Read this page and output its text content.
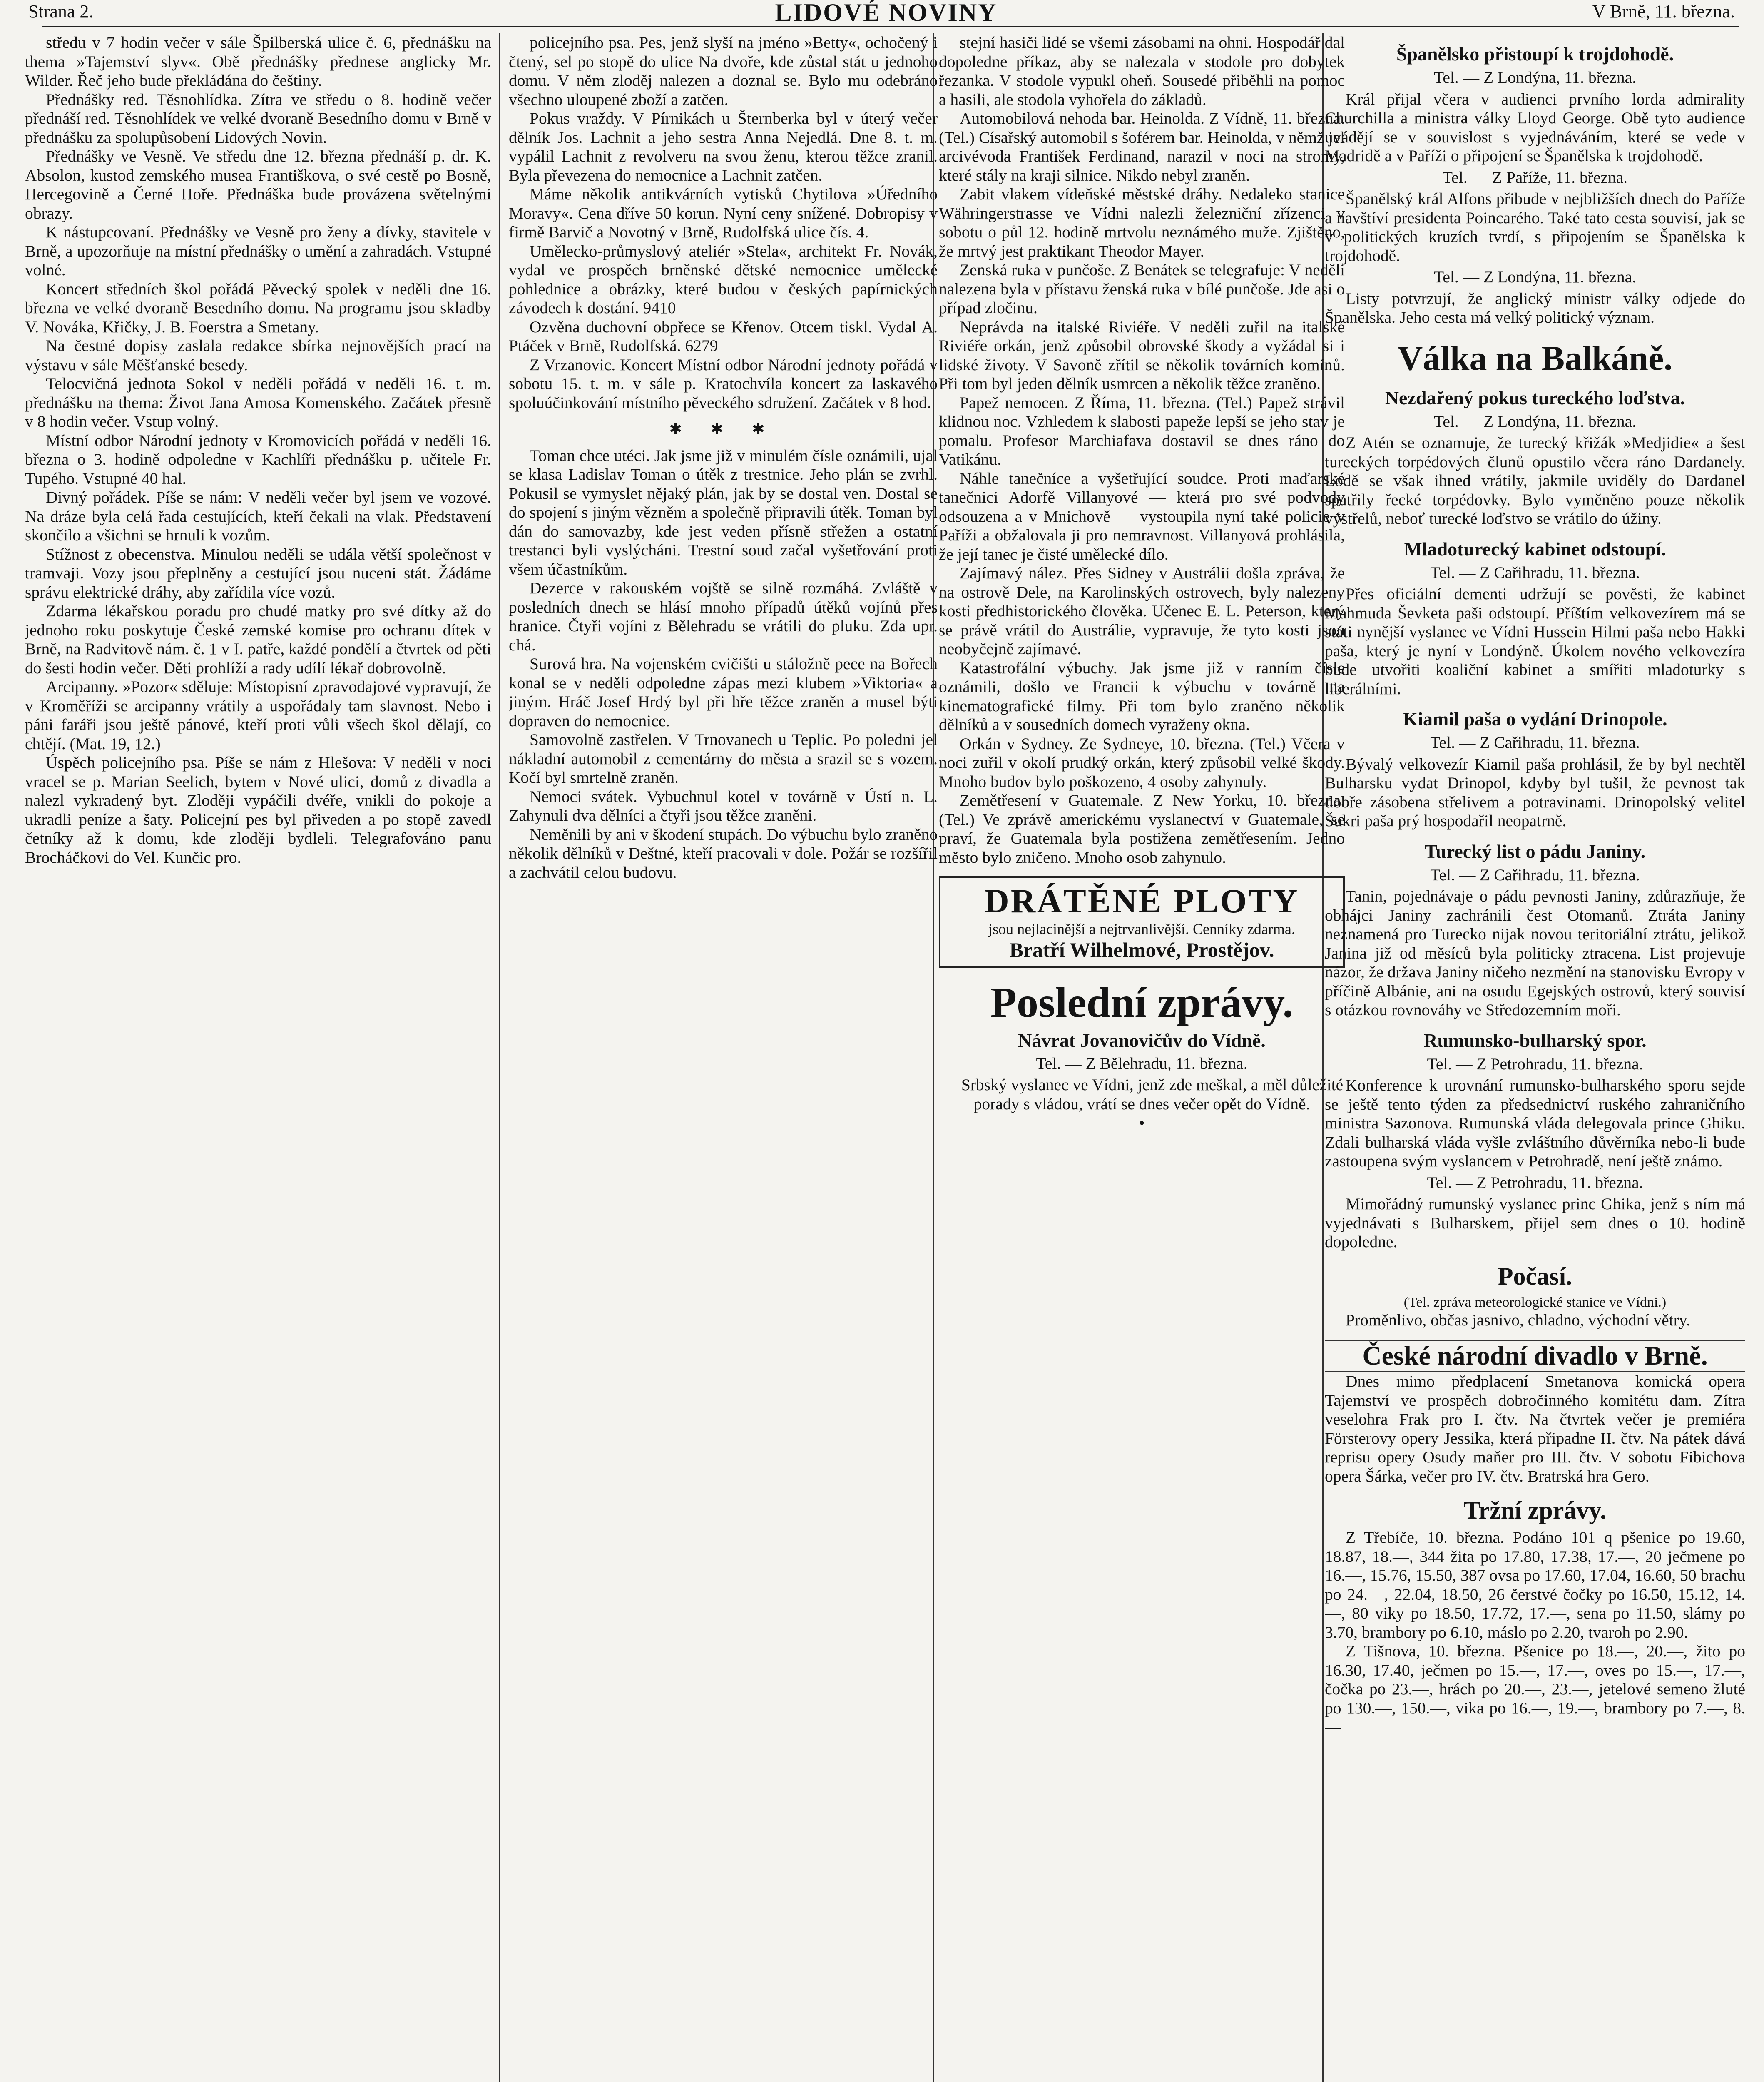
Strana 2.	LIDOVÉ NOVINY	V Brně, 11. března.

středu v 7 hodin večer v sále Špilberská ulice č. 6, přednášku na thema »Tajemství slyv«. Obě přednášky přednese anglicky Mr. Wilder. Řeč jeho bude překládána do češtiny.

Přednášky red. Těsnohlídka. Zítra ve středu o 8. hodině večer přednáší red. Těsnohlídek ve velké dvoraně Besedního domu v Brně v přednášku za spolupůsobení Lidových Novin.

Přednášky ve Vesně. Ve středu dne 12. března přednáší p. dr. K. Absolon, kustod zemského musea Františkova, o své cestě po Bosně, Hercegovině a Černé Hoře. Přednáška bude provázena světelnými obrazy.

K nástupcovaní. Přednášky ve Vesně pro ženy a dívky, stavitele v Brně, a upozorňuje na místní přednášky o umění a zahradách. Vstupné volné.

Koncert středních škol pořádá Pěvecký spolek v neděli dne 16. března ve velké dvoraně Besedního domu. Na programu jsou skladby V. Nováka, Křičky, J. B. Foerstra a Smetany.

Na čestné dopisy zaslala redakce sbírka nejnovějších prací na výstavu v sále Měšťanské besedy.

Telocvičná jednota Sokol v neděli pořádá v neděli 16. t. m. přednášku na thema: Život Jana Amosa Komenského. Začátek přesně v 8 hodin večer. Vstup volný.

Místní odbor Národní jednoty v Kromovicích pořádá v neděli 16. března o 3. hodině odpoledne v Kachlíři přednášku p. učitele Fr. Tupého. Vstupné 40 hal.

Divný pořádek. Píše se nám: V neděli večer byl jsem ve vozové. Na dráze byla celá řada cestujících, kteří čekali na vlak. Představení skončilo a všichni se hrnuli k vozům.

Stížnost z obecenstva. Minulou neděli se udála větší společnost v tramvaji. Vozy jsou přeplněny a cestující jsou nuceni stát. Žádáme správu elektrické dráhy, aby zařídila více vozů.

Zdarma lékařskou poradu pro chudé matky pro své dítky až do jednoho roku poskytuje České zemské komise pro ochranu dítek v Brně, na Radvitově nám. č. 1 v I. patře, každé pondělí a čtvrtek od pěti do šesti hodin večer. Děti prohlíží a rady udílí lékař dobrovolně.

Arcipanny. »Pozor« sděluje: Místopisní zpravodajové vypravují, že v Kroměříži se arcipanny vrátily a uspořádaly tam slavnost. Nebo i páni faráři jsou ještě pánové, kteří proti vůli všech škol dělají, co chtějí. (Mat. 19, 12.)

Úspěch policejního psa. Píše se nám z Hlešova: V neděli v noci vracel se p. Marian Seelich, bytem v Nové ulici, domů z divadla a nalezl vykradený byt. Zloději vypáčili dvéře, vnikli do pokoje a ukradli peníze a šaty. Policejní pes byl přiveden a po stopě zavedl četníky až k domu, kde zloději bydleli. Telegrafováno panu Brocháčkovi do Vel. Kunčic pro.

policejního psa. Pes, jenž slyší na jméno »Betty«, ochočený i čtený, sel po stopě do ulice Na dvoře, kde zůstal stát u jednoho domu. V něm zloděj nalezen a doznal se. Bylo mu odebráno všechno uloupené zboží a zatčen.

Pokus vraždy. V Pírnikách u Šternberka byl v úterý večer dělník Jos. Lachnit a jeho sestra Anna Nejedlá. Dne 8. t. m. vypálil Lachnit z revolveru na svou ženu, kterou těžce zranil. Byla převezena do nemocnice a Lachnit zatčen.

Máme několik antikvárních vytisků Chytilova »Úředního Moravy«. Cena dříve 50 korun. Nyní ceny snížené. Dobropisy v firmě Barvič a Novotný v Brně, Rudolfská ulice čís. 4.

Umělecko-průmyslový ateliér »Stela«, architekt Fr. Novák, vydal ve prospěch brněnské dětské nemocnice umělecké pohlednice a obrázky, které budou v českých papírnických závodech k dostání. 9410

Ozvěna duchovní obpřece se Křenov. Otcem tiskl. Vydal A. Ptáček v Brně, Rudolfská. 6279

Z Vrzanovic. Koncert Místní odbor Národní jednoty pořádá v sobotu 15. t. m. v sále p. Kratochvíla koncert za laskavého spoluúčinkování místního pěveckého sdružení. Začátek v 8 hod.

✱ ✱ ✱

Toman chce utéci. Jak jsme již v minulém čísle oznámili, ujal se klasa Ladislav Toman o útěk z trestnice. Jeho plán se zvrhl. Pokusil se vymyslet nějaký plán, jak by se dostal ven. Dostal se do spojení s jiným vězněm a společně připravili útěk. Toman byl dán do samovazby, kde jest veden přísně střežen a ostatní trestanci byli vyslýcháni. Trestní soud začal vyšetřování proti všem účastníkům.

Dezerce v rakouském vojště se silně rozmáhá. Zvláště v posledních dnech se hlásí mnoho případů útěků vojínů přes hranice. Čtyři vojíni z Bělehradu se vrátili do pluku. Zda upr. chá.

Surová hra. Na vojenském cvičišti u stáložně pece na Bořech konal se v neděli odpoledne zápas mezi klubem »Viktoria« a jiným. Hráč Josef Hrdý byl při hře těžce zraněn a musel býti dopraven do nemocnice.

Samovolně zastřelen. V Trnovanech u Teplic. Po poledni jel nákladní automobil z cementárny do města a srazil se s vozem. Kočí byl smrtelně zraněn.

Nemoci svátek. Vybuchnul kotel v továrně v Ústí n. L. Zahynuli dva dělníci a čtyři jsou těžce zraněni.

Neměnili by ani v škodení stupách. Do výbuchu bylo zraněno několik dělníků v Deštné, kteří pracovali v dole. Požár se rozšířil a zachvátil celou budovu.

stejní hasiči lidé se všemi zásobami na ohni. Hospodář dal dopoledne příkaz, aby se nalezala v stodole pro dobytek řezanka. V stodole vypukl oheň. Sousedé přiběhli na pomoc a hasili, ale stodola vyhořela do základů.

Automobilová nehoda bar. Heinolda. Z Vídně, 11. března. (Tel.) Císařský automobil s šoférem bar. Heinolda, v němž jel arcivévoda František Ferdinand, narazil v noci na stromy, které stály na kraji silnice. Nikdo nebyl zraněn.

Zabit vlakem vídeňské městské dráhy. Nedaleko stanice Währingerstrasse ve Vídni nalezli železniční zřízenci v sobotu o půl 12. hodině mrtvolu neznámého muže. Zjištěno, že mrtvý jest praktikant Theodor Mayer.

Zenská ruka v punčoše. Z Benátek se telegrafuje: V neděli nalezena byla v přístavu ženská ruka v bílé punčoše. Jde asi o případ zločinu.

Neprávda na italské Riviéře. V neděli zuřil na italské Riviéře orkán, jenž způsobil obrovské škody a vyžádal si i lidské životy. V Savoně zřítil se několik továrních komínů. Při tom byl jeden dělník usmrcen a několik těžce zraněno.

Papež nemocen. Z Říma, 11. března. (Tel.) Papež strávil klidnou noc. Vzhledem k slabosti papeže lepší se jeho stav je pomalu. Profesor Marchiafava dostavil se dnes ráno do Vatikánu.

Náhle tanečníce a vyšetřující soudce. Proti maďarské tanečnici Adorfě Villanyové — která pro své podvody odsouzena a v Mnichově — vystoupila nyní také policie v Paříži a obžalovala ji pro nemravnost. Villanyová prohlásila, že její tanec je čisté umělecké dílo.

Zajímavý nález. Přes Sidney v Austrálii došla zpráva, že na ostrově Dele, na Karolinských ostrovech, byly nalezeny kosti předhistorického člověka. Učenec E. L. Peterson, který se právě vrátil do Austrálie, vypravuje, že tyto kosti jsou neobyčejně zajímavé.

Katastrofální výbuchy. Jak jsme již v ranním čísle oznámili, došlo ve Francii k výbuchu v továrně na kinematografické filmy. Při tom bylo zraněno několik dělníků a v sousedních domech vyraženy okna.

Orkán v Sydney. Ze Sydneye, 10. března. (Tel.) Včera v noci zuřil v okolí prudký orkán, který způsobil velké škody. Mnoho budov bylo poškozeno, 4 osoby zahynuly.

Zemětřesení v Guatemale. Z New Yorku, 10. března. (Tel.) Ve zprávě americkému vyslanectví v Guatemale, se praví, že Guatemala byla postižena zemětřesením. Jedno město bylo zničeno. Mnoho osob zahynulo.

DRÁTĚNÉ PLOTY
jsou nejlacinější a nejtrvanlivější. Cenníky zdarma.
Bratří Wilhelmové, Prostějov.
Poslední zprávy.
Návrat Jovanovičův do Vídně.
Tel. — Z Bělehradu, 11. března.

Srbský vyslanec ve Vídni, jenž zde meškal, a měl důležité porady s vládou, vrátí se dnes večer opět do Vídně.

•
Španělsko přistoupí k trojdohodě.
Tel. — Z Londýna, 11. března.

Král přijal včera v audienci prvního lorda admirality Churchilla a ministra války Lloyd George. Obě tyto audience uvádějí se v souvislost s vyjednáváním, které se vede v Madridě a v Paříži o připojení se Španělska k trojdohodě.

Tel. — Z Paříže, 11. března.

Španělský král Alfons přibude v nejbližších dnech do Paříže a navštíví presidenta Poincarého. Také tato cesta souvisí, jak se v politických kruzích tvrdí, s připojením se Španělska k trojdohodě.

Tel. — Z Londýna, 11. března.

Listy potvrzují, že anglický ministr války odjede do Španělska. Jeho cesta má velký politický význam.

Válka na Balkáně.
Nezdařený pokus tureckého loďstva.
Tel. — Z Londýna, 11. března.

Z Atén se oznamuje, že turecký křižák »Medjidie« a šest tureckých torpédových člunů opustilo včera ráno Dardanely. Lodě se však ihned vrátily, jakmile uviděly do Dardanel spatřily řecké torpédovky. Bylo vyměněno pouze několik výstřelů, neboť turecké loďstvo se vrátilo do úžiny.

Mladoturecký kabinet odstoupí.
Tel. — Z Cařihradu, 11. března.

Přes oficiální dementi udržují se pověsti, že kabinet Mahmuda Ševketa paši odstoupí. Příštím velkovezírem má se státi nynější vyslanec ve Vídni Hussein Hilmi paša nebo Hakki paša, který je nyní v Londýně. Úkolem nového velkovezíra bude utvořiti koaliční kabinet a smířiti mladoturky s liberálními.

Kiamil paša o vydání Drinopole.
Tel. — Z Cařihradu, 11. března.

Bývalý velkovezír Kiamil paša prohlásil, že by byl nechtěl Bulharsku vydat Drinopol, kdyby byl tušil, že pevnost tak dobře zásobena střelivem a potravinami. Drinopolský velitel Šukri paša prý hospodařil neopatrně.

Turecký list o pádu Janiny.
Tel. — Z Cařihradu, 11. března.

Tanin, pojednávaje o pádu pevnosti Janiny, zdůrazňuje, že obhájci Janiny zachránili čest Otomanů. Ztráta Janiny neznamená pro Turecko nijak novou teritoriální ztrátu, jelikož Janina již od měsíců byla politicky ztracena. List projevuje názor, že država Janiny ničeho nezmění na stanovisku Evropy v příčině Albánie, ani na osudu Egejských ostrovů, který souvisí s otázkou rovnováhy ve Středozemním moři.

Rumunsko-bulharský spor.
Tel. — Z Petrohradu, 11. března.

Konference k urovnání rumunsko-bulharského sporu sejde se ještě tento týden za předsednictví ruského zahraničního ministra Sazonova. Rumunská vláda delegovala prince Ghiku. Zdali bulharská vláda vyšle zvláštního důvěrníka nebo-li bude zastoupena svým vyslancem v Petrohradě, není ještě známo.

Tel. — Z Petrohradu, 11. března.

Mimořádný rumunský vyslanec princ Ghika, jenž s ním má vyjednávati s Bulharskem, přijel sem dnes o 10. hodině dopoledne.

Počasí.
(Tel. zpráva meteorologické stanice ve Vídni.)

Proměnlivo, občas jasnivo, chladno, východní větry.

České národní divadlo v Brně.

Dnes mimo předplacení Smetanova komická opera Tajemství ve prospěch dobročinného komitétu dam. Zítra veselohra Frak pro I. čtv. Na čtvrtek večer je premiéra Försterovy opery Jessika, která připadne II. čtv. Na pátek dává reprisu opery Osudy maňer pro III. čtv. V sobotu Fibichova opera Šárka, večer pro IV. čtv. Bratrská hra Gero.

Tržní zprávy.

Z Třebíče, 10. března. Podáno 101 q pšenice po 19.60, 18.87, 18.—, 344 žita po 17.80, 17.38, 17.—, 20 ječmene po 16.—, 15.76, 15.50, 387 ovsa po 17.60, 17.04, 16.60, 50 brachu po 24.—, 22.04, 18.50, 26 čerstvé čočky po 16.50, 15.12, 14.—, 80 viky po 18.50, 17.72, 17.—, sena po 11.50, slámy po 3.70, brambory po 6.10, máslo po 2.20, tvaroh po 2.90.

Z Tišnova, 10. března. Pšenice po 18.—, 20.—, žito po 16.30, 17.40, ječmen po 15.—, 17.—, oves po 15.—, 17.—, čočka po 23.—, hrách po 20.—, 23.—, jetelové semeno žluté po 130.—, 150.—, vika po 16.—, 19.—, brambory po 7.—, 8.—
